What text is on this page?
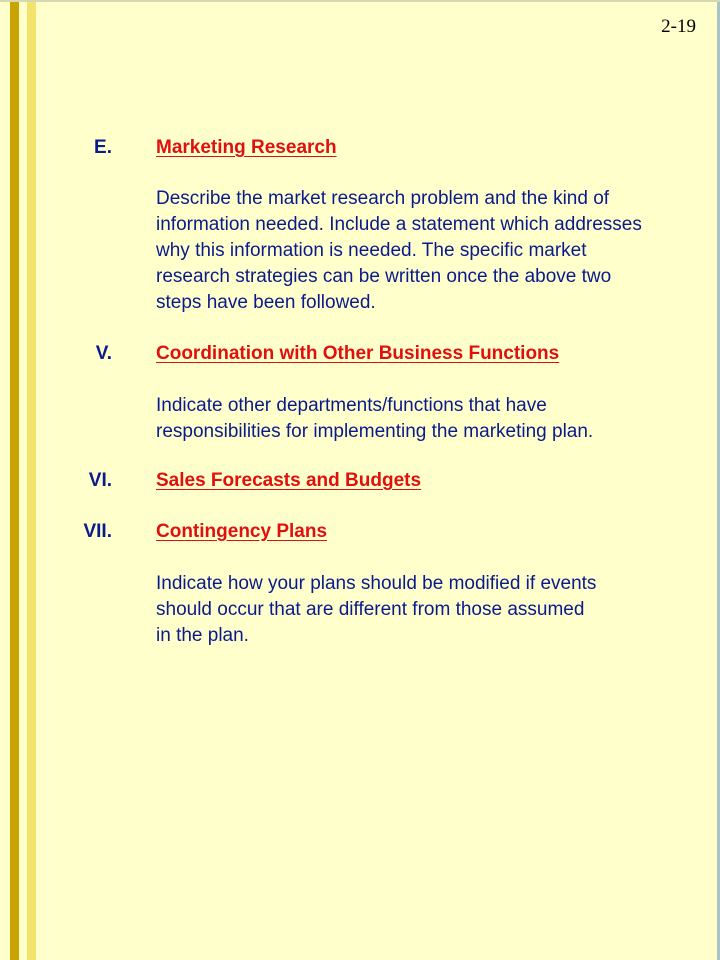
2-19
E. Marketing Research
Describe the market research problem and the kind of
information needed. Include a statement which addresses
why this information is needed. The specific market
research strategies can be written once the above two
steps have been followed.
V. Coordination with Other Business Functions
Indicate other departments/functions that have
responsibilities for implementing the marketing plan.
VI. Sales Forecasts and Budgets
VII. Contingency Plans
Indicate how your plans should be modified if events
should occur that are different from those assumed
in the plan.
